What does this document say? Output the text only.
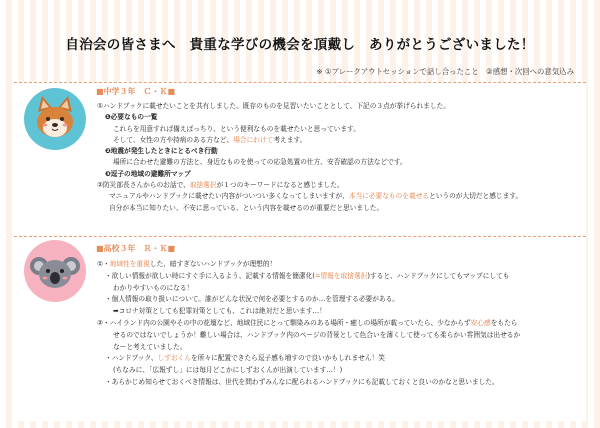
自治会の皆さまへ　貴重な学びの機会を頂戴し　ありがとうございました！
※ ①ブレークアウトセッションで話し合ったこと　②感想・次回への意気込み
■中学３年　Ｃ・Ｋ■
①ハンドブックに載せたいことを共有しました。既存のものを見習いたいこととして、下記の３点が挙げられました。
❶必要なもの一覧
これらを用意すれば備えばっちり、という便利なものを載せたいと思っています。
そして、女性の方や持病のある方など、場合にわけて考えます。
❷地震が発生したときにとるべき行動
場所に合わせた避難の方法と、身近なものを使っての応急処置の仕方、安否確認の方法などです。
❸逗子の地域の避難所マップ
②防災部長さんからのお話で、取捨選択が１つのキーワードになると感じました。
マニュアルやハンドブックに載せたい内容がついつい多くなってしまいますが、本当に必要なものを載せるというのが大切だと感じます。
自分が本当に知りたい、不安に思っている、という内容を載せるのが重要だと思いました。
■高校３年　Ｒ・Ｋ■
①・地域性を重視した、暗すぎないハンドブックが理想的！
・欲しい情報が欲しい時にすぐ手に入るよう、記載する情報を簡潔化(=情報を取捨選択)すると、ハンドブックにしてもマップにしても
わかりやすいものになる！
・個人情報の取り扱いについて。誰がどんな状況で何を必要とするのか…を管理する必要がある。
➡コロナ対策としても犯罪対策としても、これは絶対だと思います…！
②・ハイランド内の公園やその中の花壇など、地域住民にとって馴染みのある場所・癒しの場所が載っていたら、少なからず安心感をもたら
せるのではないでしょうか！難しい場合は、ハンドブック内のページの背景として色合いを薄くして使っても柔らかい雰囲気は出せるか
なーと考えていました。
・ハンドブック、しずおくんを所々に配置できたら逗子感も増すので良いかもしれません！笑
(ちなみに、「広報ずし」には毎月どこかにしずおくんが出演しています…！)
・あらかじめ知らせておくべき情報は、世代を問わずみんなに配られるハンドブックにも記載しておくと良いのかなと思いました。
